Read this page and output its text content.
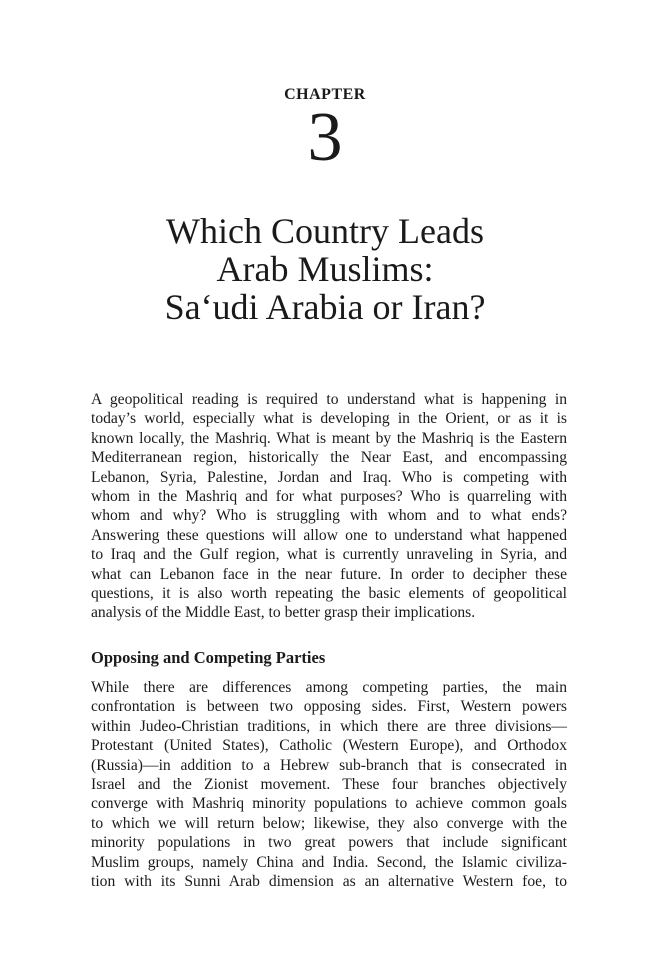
CHAPTER
3
Which Country Leads
Arab Muslims:
Sa‘udi Arabia or Iran?
A geopolitical reading is required to understand what is happening in
today’s world, especially what is developing in the Orient, or as it is
known locally, the Mashriq. What is meant by the Mashriq is the Eastern
Mediterranean region, historically the Near East, and encompassing
Lebanon, Syria, Palestine, Jordan and Iraq. Who is competing with
whom in the Mashriq and for what purposes? Who is quarreling with
whom and why? Who is struggling with whom and to what ends?
Answering these questions will allow one to understand what happened
to Iraq and the Gulf region, what is currently unraveling in Syria, and
what can Lebanon face in the near future. In order to decipher these
questions, it is also worth repeating the basic elements of geopolitical
analysis of the Middle East, to better grasp their implications.
Opposing and Competing Parties
While there are differences among competing parties, the main
confrontation is between two opposing sides. First, Western powers
within Judeo-Christian traditions, in which there are three divisions—
Protestant (United States), Catholic (Western Europe), and Orthodox
(Russia)—in addition to a Hebrew sub-branch that is consecrated in
Israel and the Zionist movement. These four branches objectively
converge with Mashriq minority populations to achieve common goals
to which we will return below; likewise, they also converge with the
minority populations in two great powers that include significant
Muslim groups, namely China and India. Second, the Islamic civiliza-
tion with its Sunni Arab dimension as an alternative Western foe, to
